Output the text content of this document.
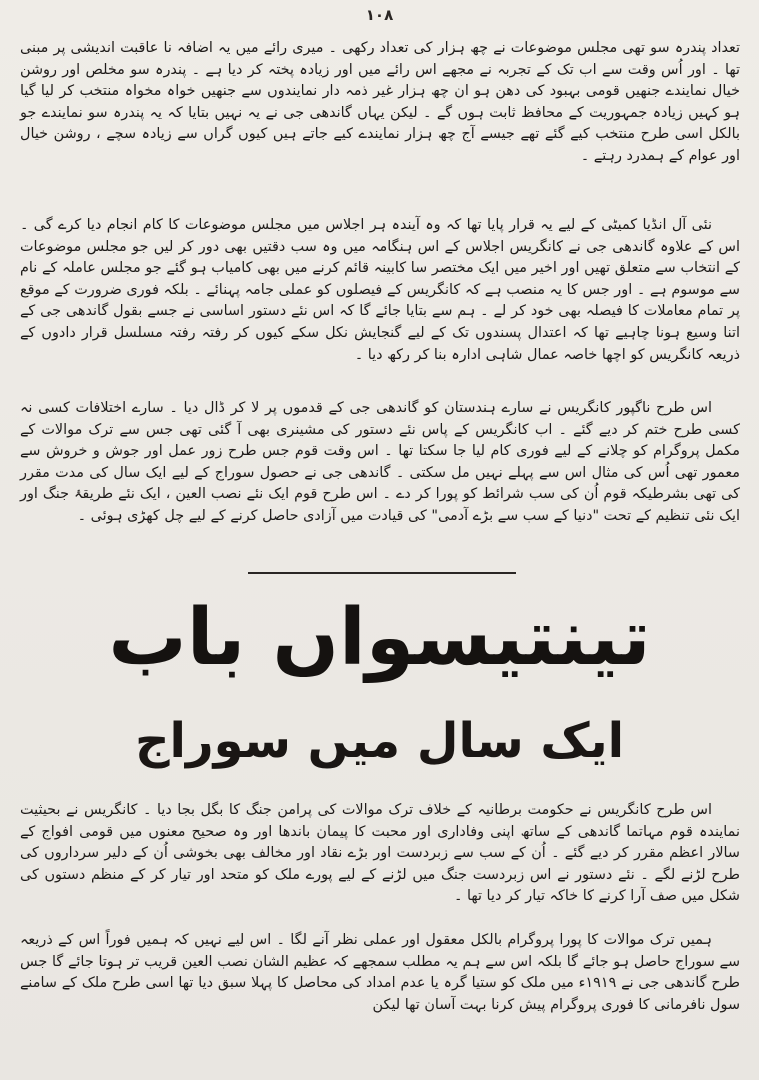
۱۰۸

تعداد پندرہ سو تھی مجلس موضوعات نے چھ ہزار کی تعداد رکھی ۔ میری رائے میں یہ اضافہ نا عاقبت اندیشی پر مبنی تھا ۔ اور اُس وقت سے اب تک کے تجربہ نے مجھے اس رائے میں اور زیادہ پختہ کر دیا ہے ۔ پندرہ سو مخلص اور روشن خیال نمایندے جنھیں قومی بہبود کی دھن ہو ان چھ ہزار غیر ذمہ دار نمایندوں سے جنھیں خواہ مخواہ منتخب کر لیا گیا ہو کہیں زیادہ جمہوریت کے محافظ ثابت ہوں گے ۔ لیکن یہاں گاندھی جی نے یہ نہیں بتایا کہ یہ پندرہ سو نمایندے جو بالکل اسی طرح منتخب کیے گئے تھے جیسے آج چھ ہزار نمایندے کیے جاتے ہیں کیوں گراں سے زیادہ سچے ، روشن خیال اور عوام کے ہمدرد رہتے ۔

نئی آل انڈیا کمیٹی کے لیے یہ قرار پایا تھا کہ وہ آیندہ ہر اجلاس میں مجلس موضوعات کا کام انجام دیا کرے گی ۔ اس کے علاوہ گاندھی جی نے کانگریس اجلاس کے اس ہنگامہ میں وہ سب دقتیں بھی دور کر لیں جو مجلس موضوعات کے انتخاب سے متعلق تھیں اور اخیر میں ایک مختصر سا کابینہ قائم کرنے میں بھی کامیاب ہو گئے جو مجلس عاملہ کے نام سے موسوم ہے ۔ اور جس کا یہ منصب ہے کہ کانگریس کے فیصلوں کو عملی جامہ پہنائے ۔ بلکہ فوری ضرورت کے موقع پر تمام معاملات کا فیصلہ بھی خود کر لے ۔ ہم سے بتایا جائے گا کہ اس نئے دستور اساسی نے جسے بقول گاندھی جی کے اتنا وسیع ہونا چاہیے تھا کہ اعتدال پسندوں تک کے لیے گنجایش نکل سکے کیوں کر رفتہ رفتہ مسلسل قرار دادوں کے ذریعہ کانگریس کو اچھا خاصہ عمال شاہی ادارہ بنا کر رکھ دیا ۔

اس طرح ناگپور کانگریس نے سارے ہندستان کو گاندھی جی کے قدموں پر لا کر ڈال دیا ۔ سارے اختلافات کسی نہ کسی طرح ختم کر دیے گئے ۔ اب کانگریس کے پاس نئے دستور کی مشینری بھی آ گئی تھی جس سے ترک موالات کے مکمل پروگرام کو چلانے کے لیے فوری کام لیا جا سکتا تھا ۔ اس وقت قوم جس طرح زور عمل اور جوش و خروش سے معمور تھی اُس کی مثال اس سے پہلے نہیں مل سکتی ۔ گاندھی جی نے حصول سوراج کے لیے ایک سال کی مدت مقرر کی تھی بشرطیکہ قوم اُن کی سب شرائط کو پورا کر دے ۔ اس طرح قوم ایک نئے نصب العین ، ایک نئے طریقۂ جنگ اور ایک نئی تنظیم کے تحت "دنیا کے سب سے بڑے آدمی" کی قیادت میں آزادی حاصل کرنے کے لیے چل کھڑی ہوئی ۔

تینتیسواں باب
ایک سال میں سوراج

اس طرح کانگریس نے حکومت برطانیہ کے خلاف ترک موالات کی پرامن جنگ کا بگل بجا دیا ۔ کانگریس نے بحیثیت نمایندہ قوم مہاتما گاندھی کے ساتھ اپنی وفاداری اور محبت کا پیمان باندھا اور وہ صحیح معنوں میں قومی افواج کے سالار اعظم مقرر کر دیے گئے ۔ اُن کے سب سے زبردست اور بڑے نقاد اور مخالف بھی بخوشی اُن کے دلیر سرداروں کی طرح لڑنے لگے ۔ نئے دستور نے اس زبردست جنگ میں لڑنے کے لیے پورے ملک کو متحد اور تیار کر کے منظم دستوں کی شکل میں صف آرا کرنے کا خاکہ تیار کر دیا تھا ۔

ہمیں ترک موالات کا پورا پروگرام بالکل معقول اور عملی نظر آنے لگا ۔ اس لیے نہیں کہ ہمیں فوراً اس کے ذریعہ سے سوراج حاصل ہو جائے گا بلکہ اس سے ہم یہ مطلب سمجھے کہ عظیم الشان نصب العین قریب تر ہوتا جائے گا جس طرح گاندھی جی نے ۱۹۱۹ء میں ملک کو ستیا گرہ یا عدم امداد کی محاصل کا پہلا سبق دیا تھا اسی طرح ملک کے سامنے سول نافرمانی کا فوری پروگرام پیش کرنا بہت آسان تھا لیکن
